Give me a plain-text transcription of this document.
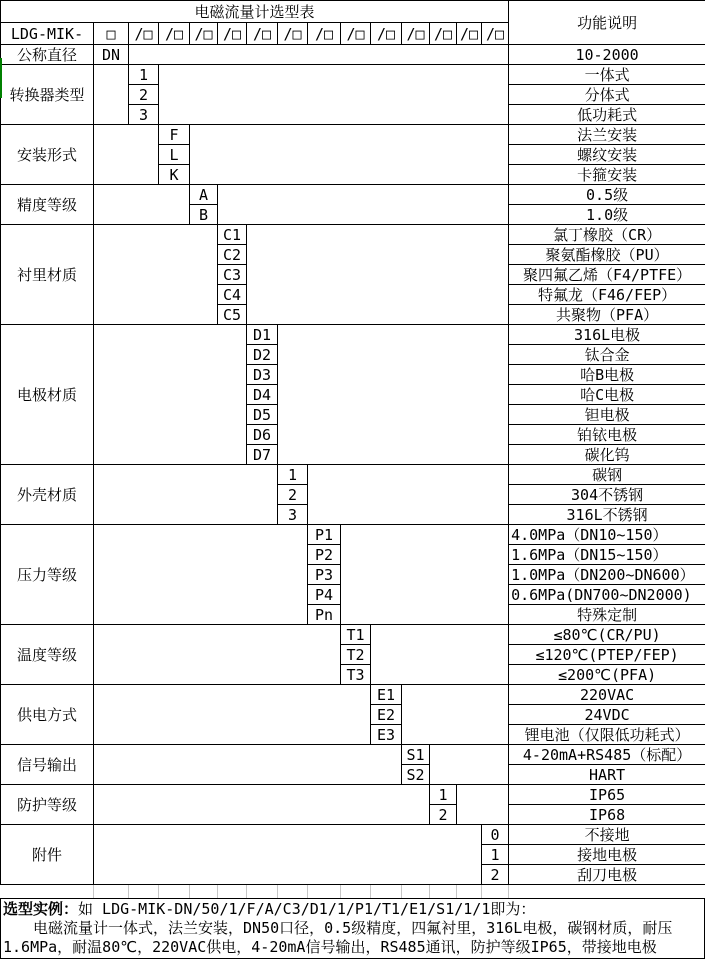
电磁流量计选型表															功能说明
LDG-MIK-	□	/□	/□	/□	/□	/□	/□	/□	/□	/□	/□	/□	/□	/□	
公称直径	DN														10-2000
转换器类型		1													一体式
		2													分体式
		3													低功耗式
安装形式			F												法兰安装
			L												螺纹安装
			K												卡箍安装
精度等级				A											0.5级
				B											1.0级
衬里材质					C1										氯丁橡胶（CR）
					C2										聚氨酯橡胶（PU）
					C3										聚四氟乙烯（F4/PTFE）
					C4										特氟龙（F46/FEP）
					C5										共聚物（PFA）
电极材质						D1									316L电极
						D2									钛合金
						D3									哈B电极
						D4									哈C电极
						D5									钽电极
						D6									铂铱电极
						D7									碳化钨
外壳材质							1								碳钢
							2								304不锈钢
							3								316L不锈钢
压力等级								P1							4.0MPa（DN10~150）
								P2							1.6MPa（DN15~150）
								P3							1.0MPa（DN200~DN600）
								P4							0.6MPa(DN700~DN2000)
								Pn							特殊定制
温度等级									T1						≤80℃(CR/PU)
									T2						≤120℃(PTEP/FEP)
									T3						≤200℃(PFA)
供电方式										E1					220VAC
										E2					24VDC
										E3					锂电池（仅限低功耗式）
信号输出											S1				4-20mA+RS485（标配）
											S2				HART
防护等级												1			IP65
												2			IP68
附件														0	不接地
														1	接地电极
														2	刮刀电极
选型实例：如 LDG-MIK-DN/50/1/F/A/C3/D1/1/P1/T1/E1/S1/1/1即为：
　　电磁流量计一体式，法兰安装，DN50口径，0.5级精度，四氟衬里，316L电极，碳钢材质，耐压
1.6MPa，耐温80℃，220VAC供电，4-20mA信号输出，RS485通讯，防护等级IP65，带接地电极
